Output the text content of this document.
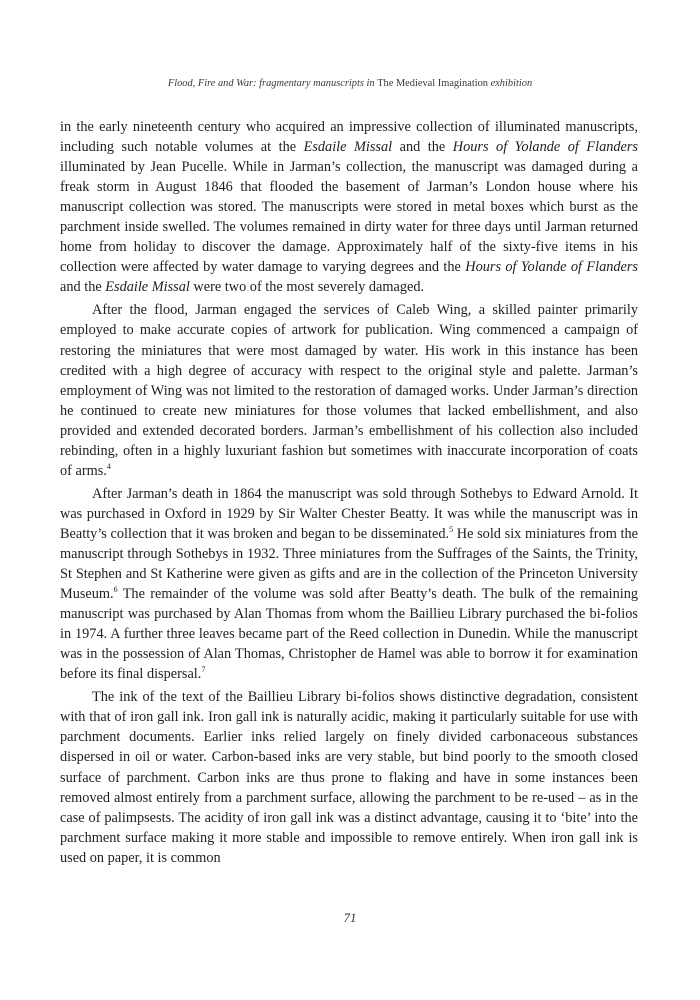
Flood, Fire and War: fragmentary manuscripts in The Medieval Imagination exhibition

in the early nineteenth century who acquired an impressive collection of illuminated manuscripts, including such notable volumes at the Esdaile Missal and the Hours of Yolande of Flanders illuminated by Jean Pucelle. While in Jarman’s collection, the manuscript was damaged during a freak storm in August 1846 that flooded the basement of Jarman’s London house where his manuscript collection was stored. The manuscripts were stored in metal boxes which burst as the parchment inside swelled. The volumes remained in dirty water for three days until Jarman returned home from holiday to discover the damage. Approximately half of the sixty-five items in his collection were affected by water damage to varying degrees and the Hours of Yolande of Flanders and the Esdaile Missal were two of the most severely damaged.

After the flood, Jarman engaged the services of Caleb Wing, a skilled painter primarily employed to make accurate copies of artwork for publication. Wing commenced a campaign of restoring the miniatures that were most damaged by water. His work in this instance has been credited with a high degree of accuracy with respect to the original style and palette. Jarman’s employment of Wing was not limited to the restoration of damaged works. Under Jarman’s direction he continued to create new miniatures for those volumes that lacked embellishment, and also provided and extended decorated borders. Jarman’s embellishment of his collection also included rebinding, often in a highly luxuriant fashion but sometimes with inaccurate incorporation of coats of arms.$^4$

After Jarman’s death in 1864 the manuscript was sold through Sothebys to Edward Arnold. It was purchased in Oxford in 1929 by Sir Walter Chester Beatty. It was while the manuscript was in Beatty’s collection that it was broken and began to be disseminated.$^5$ He sold six miniatures from the manuscript through Sothebys in 1932. Three miniatures from the Suffrages of the Saints, the Trinity, St Stephen and St Katherine were given as gifts and are in the collection of the Princeton University Museum.$^6$ The remainder of the volume was sold after Beatty’s death. The bulk of the remaining manuscript was purchased by Alan Thomas from whom the Baillieu Library purchased the bi-folios in 1974. A further three leaves became part of the Reed collection in Dunedin. While the manuscript was in the possession of Alan Thomas, Christopher de Hamel was able to borrow it for examination before its final dispersal.$^7$

The ink of the text of the Baillieu Library bi-folios shows distinctive degradation, consistent with that of iron gall ink. Iron gall ink is naturally acidic, making it particularly suitable for use with parchment documents. Earlier inks relied largely on finely divided carbonaceous substances dispersed in oil or water. Carbon-based inks are very stable, but bind poorly to the smooth closed surface of parchment. Carbon inks are thus prone to flaking and have in some instances been removed almost entirely from a parchment surface, allowing the parchment to be re-used – as in the case of palimpsests. The acidity of iron gall ink was a distinct advantage, causing it to ‘bite’ into the parchment surface making it more stable and impossible to remove entirely. When iron gall ink is used on paper, it is common

71
